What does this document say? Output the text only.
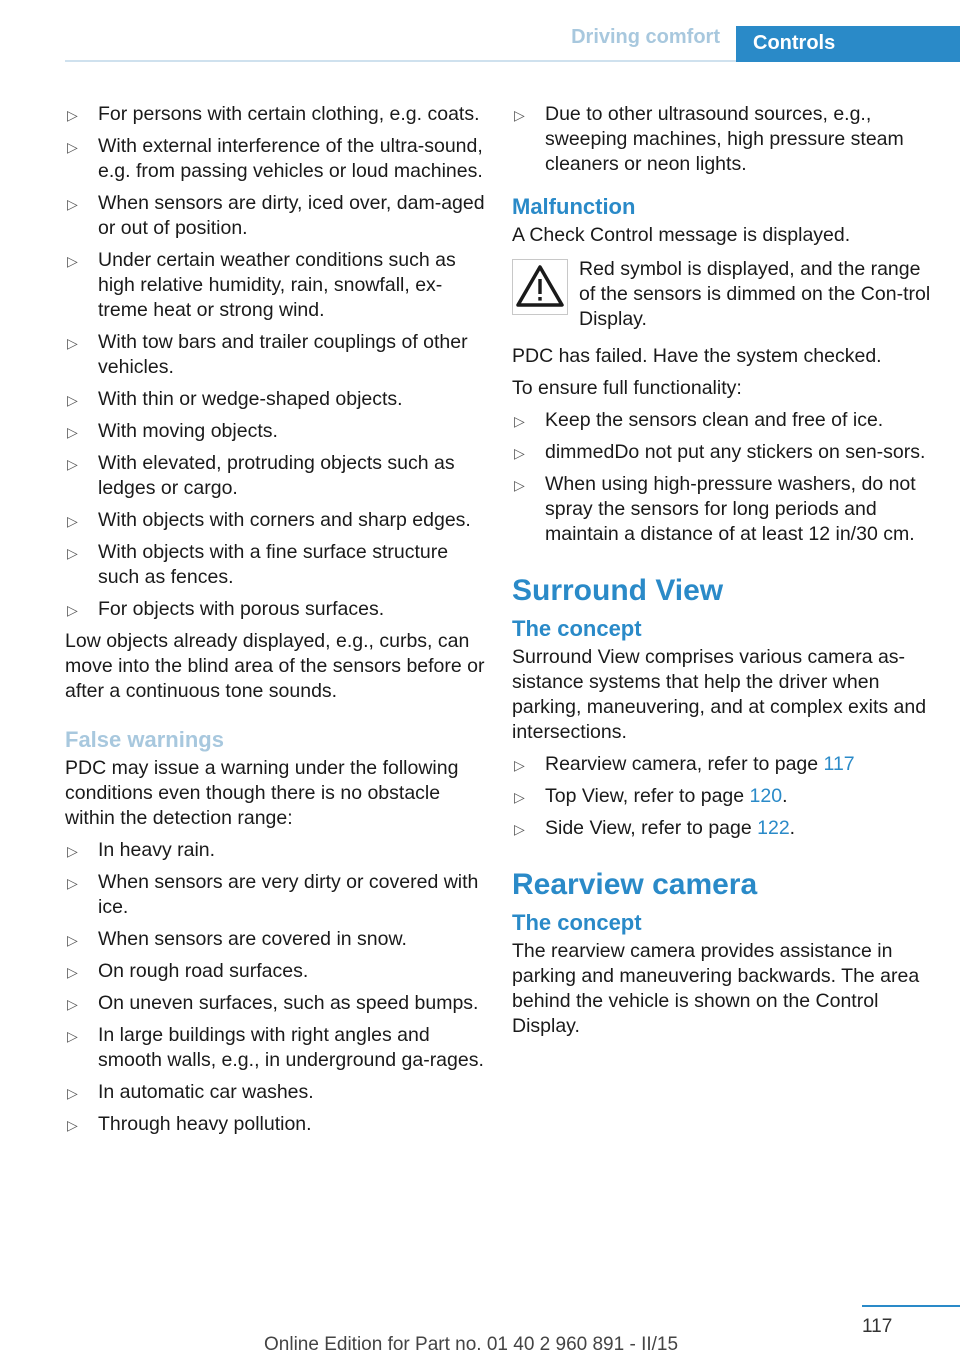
Driving comfort	Controls
▷ For persons with certain clothing, e.g. coats.
▷ With external interference of the ultra-sound, e.g. from passing vehicles or loud machines.
▷ When sensors are dirty, iced over, dam-aged or out of position.
▷ Under certain weather conditions such as high relative humidity, rain, snowfall, ex-treme heat or strong wind.
▷ With tow bars and trailer couplings of other vehicles.
▷ With thin or wedge-shaped objects.
▷ With moving objects.
▷ With elevated, protruding objects such as ledges or cargo.
▷ With objects with corners and sharp edges.
▷ With objects with a fine surface structure such as fences.
▷ For objects with porous surfaces.

Low objects already displayed, e.g., curbs, can move into the blind area of the sensors before or after a continuous tone sounds.

False warnings

PDC may issue a warning under the following conditions even though there is no obstacle within the detection range:

▷ In heavy rain.
▷ When sensors are very dirty or covered with ice.
▷ When sensors are covered in snow.
▷ On rough road surfaces.
▷ On uneven surfaces, such as speed bumps.
▷ In large buildings with right angles and smooth walls, e.g., in underground ga-rages.
▷ In automatic car washes.
▷ Through heavy pollution.
▷ Due to other ultrasound sources, e.g., sweeping machines, high pressure steam cleaners or neon lights.
Malfunction

A Check Control message is displayed.

Red symbol is displayed, and the range of the sensors is dimmed on the Con-trol Display.

PDC has failed. Have the system checked.

To ensure full functionality:

▷ Keep the sensors clean and free of ice.
▷ dimmedDo not put any stickers on sen-sors.
▷ When using high-pressure washers, do not spray the sensors for long periods and maintain a distance of at least 12 in/30 cm.
Surround View
The concept

Surround View comprises various camera as-sistance systems that help the driver when parking, maneuvering, and at complex exits and intersections.

▷ Rearview camera, refer to page 117
▷ Top View, refer to page 120.
▷ Side View, refer to page 122.
Rearview camera
The concept

The rearview camera provides assistance in parking and maneuvering backwards. The area behind the vehicle is shown on the Control Display.

117
Online Edition for Part no. 01 40 2 960 891 - II/15
